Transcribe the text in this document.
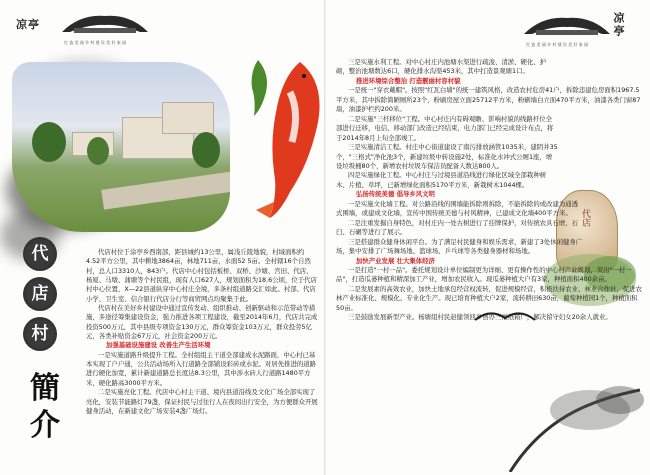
凉亭
打 造 美 丽 乡 村 建 设 美 好 家 园
代
店
村
簡
介

代店村位于涂亭乡西南部，距县城约13公里，属浅丘陵地貌，村域面积约4.52平方公里，其中耕地3864亩，林地711亩，水面52 5亩。全村辖16个自然村，总人口3310人，843户。代店中心村包括板桥、双桥、沙塘、宫田、代店、杨厦、马墩、蒲塘等个村民组，现有人口627人，规划面积为18.6公顷，位于代店村中心位置，X—22县道纵穿中心村庄全境，多条村组道路交汇如此。村部、代店小学、卫生室、信合银行代店分行等商贸网点均聚集于此。

代店村在美好乡村建设中通过宣传发动、组织推动、创新驱动和示范带动等措施，多途径筹集建设资金，强力推进各项工程建设，截至2014年6月，代店共完成投资500万元，其中县级专项资金130万元，群众筹资金103万元，群众投劳5亿元，各类补贴资金67万元，社会资金200万元。

加强基础设施建设 改善生产生活环境

一是实施道路升级提升工程。全村组组主干道全部建成水泥路面，中心村已基本实现了户户通，公共活动场所入行道路全部铺设彩砖或水泥。对居先推进的道路进行硬化加宽，累计新建道路总长度达8.3公里，其中涉水砖人行道路1480平方米，硬化路高3000平方米。

二是实施亮化工程。代店中心村主干道、境内县道沿线及文化广场全部实现了亮化，安装节能路灯79盏，保证村民与过往行人在夜间出行安全，为方便群众开展健身活动，在新建文化广场安装4盏广场灯。

打 造 美 丽 乡 村 建 设 美 好 家 园
凉亭
代店

三是实施水利工程。对中心村庄内池塘水渠进行疏浚、清淤、硬化、护砌，整治池塘数达6口，硬化排水沟渠453米，其中打造景观塘1口。

推进环境综合整治 打造靓丽村容村貌

一是统一"穿衣戴帽"。按照"红瓦白墙"的统一建筑风格，改造农村危房41户，拆除违建危房面积1967.5平方米，其中拆除简陋厕所23个，粉刷房屋立面25712平方米，粉刷墙白立面470平方米，油漆各类门窗87扇，油漆护栏约200米。

二是实施"三杆移位"工程。中心村庄内有碍观瞻、影响村貌的线路杆位全部进行迁移，电信、移动部门改造已经结束，电力部门已经完成设计布点，将于2014年8月上旬全部竣工。

三是实施清洁工程。村庄中心街道建设了南污排放涵管1035米，建阴井35个，"三格式"净化池3个，新建垃圾中转设施2处，标准化水冲式公厕1座，增设垃圾桶80个，新增农村垃圾车保洁员配备人数达800人。

四是实施绿化工程。中心村庄与过境县道沿线进行绿化区域全部栽种树木、片植、草坪，已新增绿化面积5170平方米，新栽树木1044棵。

弘扬传统美德 倡导乡风文明

一是实施文化墙工程。对公路沿线的围墙能拆除则拆除，不能拆除的或改建为通透式围墙，或建成文化墙，宣传中国传统美德与村风精神，已建成文化墙400平方米。

二是注重发掘自身特色，对村庄内一处古树进行了挂牌保护，对传统农具石磨、石臼、石碾等进行了展示。

三是搭建群众健身休闲平台。为了满足村民健身和娱乐需求，新建了3处休闲健身广场，集中安排了广场舞场地、篮球场、乒乓球等各类健身器材和场地。

加快产业发展 壮大集体经济

一是打造"一村一品"。委托规划设计单位编制更为详细、更有操作性的中心村产业规划，突出"一村一品"，打造瓜蒌种植和精深加工产业，增加农民收入。现瓜蒌种植大户有3家，种植面积400余亩。

二是发展素的高效农业，加快土地承包经营权流转，促进规模经营，积极扶持农业、林业合作社，促进农林产业标准化、规模化、专业化生产。现已培育种植大户2家，流转耕田630亩，葡萄种植园1个，种植面积50亩。

三是鼓励发展新型产业。杨塘组村民赵健领回乡创办三福纸箱厂，解决留守妇女20余人就业。
